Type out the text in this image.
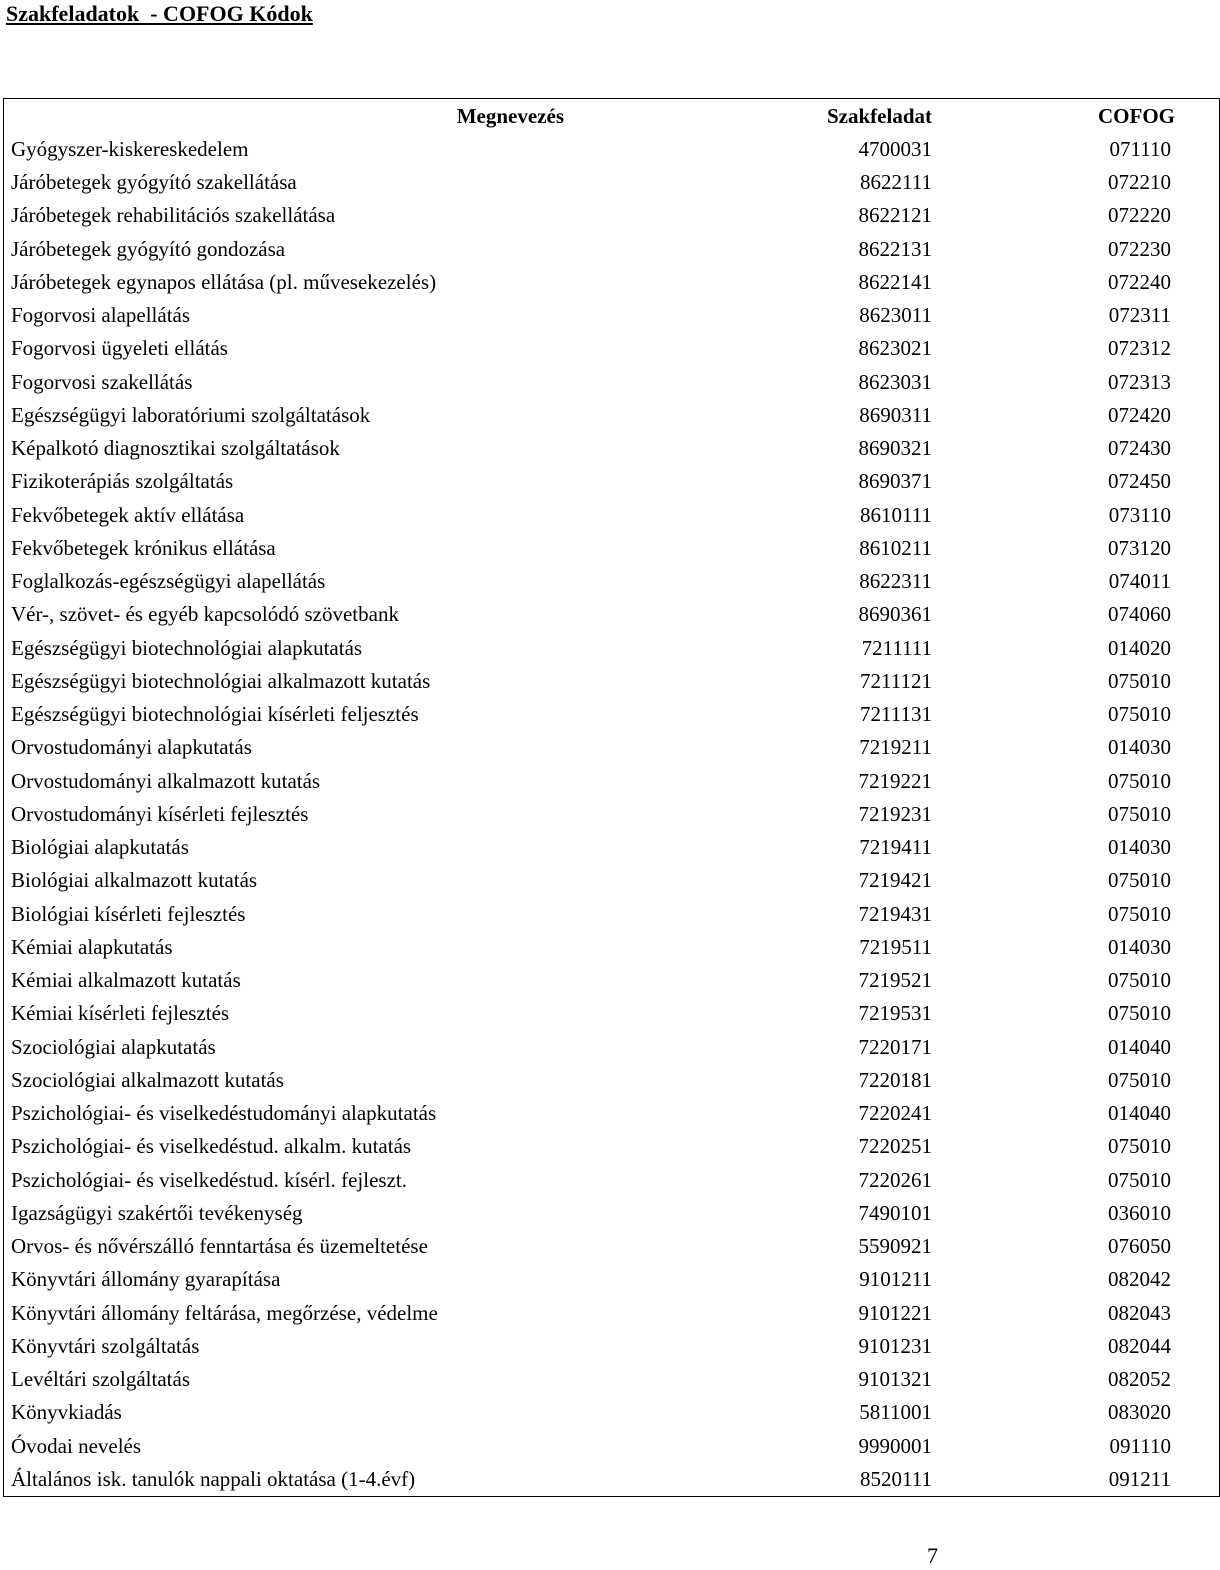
Szakfeladatok  - COFOG Kódok
Megnevezés	Szakfeladat	COFOG
Gyógyszer-kiskereskedelem	4700031	071110
Járóbetegek gyógyító szakellátása	8622111	072210
Járóbetegek rehabilitációs szakellátása	8622121	072220
Járóbetegek gyógyító gondozása	8622131	072230
Járóbetegek egynapos ellátása (pl. művesekezelés)	8622141	072240
Fogorvosi alapellátás	8623011	072311
Fogorvosi ügyeleti ellátás	8623021	072312
Fogorvosi szakellátás	8623031	072313
Egészségügyi laboratóriumi szolgáltatások	8690311	072420
Képalkotó diagnosztikai szolgáltatások	8690321	072430
Fizikoterápiás szolgáltatás	8690371	072450
Fekvőbetegek aktív ellátása	8610111	073110
Fekvőbetegek krónikus ellátása	8610211	073120
Foglalkozás-egészségügyi alapellátás	8622311	074011
Vér-, szövet- és egyéb kapcsolódó szövetbank	8690361	074060
Egészségügyi biotechnológiai alapkutatás	7211111	014020
Egészségügyi biotechnológiai alkalmazott kutatás	7211121	075010
Egészségügyi biotechnológiai kísérleti feljesztés	7211131	075010
Orvostudományi alapkutatás	7219211	014030
Orvostudományi alkalmazott kutatás	7219221	075010
Orvostudományi kísérleti fejlesztés	7219231	075010
Biológiai alapkutatás	7219411	014030
Biológiai alkalmazott kutatás	7219421	075010
Biológiai kísérleti fejlesztés	7219431	075010
Kémiai alapkutatás	7219511	014030
Kémiai alkalmazott kutatás	7219521	075010
Kémiai kísérleti fejlesztés	7219531	075010
Szociológiai alapkutatás	7220171	014040
Szociológiai alkalmazott kutatás	7220181	075010
Pszichológiai- és viselkedéstudományi alapkutatás	7220241	014040
Pszichológiai- és viselkedéstud. alkalm. kutatás	7220251	075010
Pszichológiai- és viselkedéstud. kísérl. fejleszt.	7220261	075010
Igazságügyi szakértői tevékenység	7490101	036010
Orvos- és nővérszálló fenntartása és üzemeltetése	5590921	076050
Könyvtári állomány gyarapítása	9101211	082042
Könyvtári állomány feltárása, megőrzése, védelme	9101221	082043
Könyvtári szolgáltatás	9101231	082044
Levéltári szolgáltatás	9101321	082052
Könyvkiadás	5811001	083020
Óvodai nevelés	9990001	091110
Általános isk. tanulók nappali oktatása (1-4.évf)	8520111	091211
7
